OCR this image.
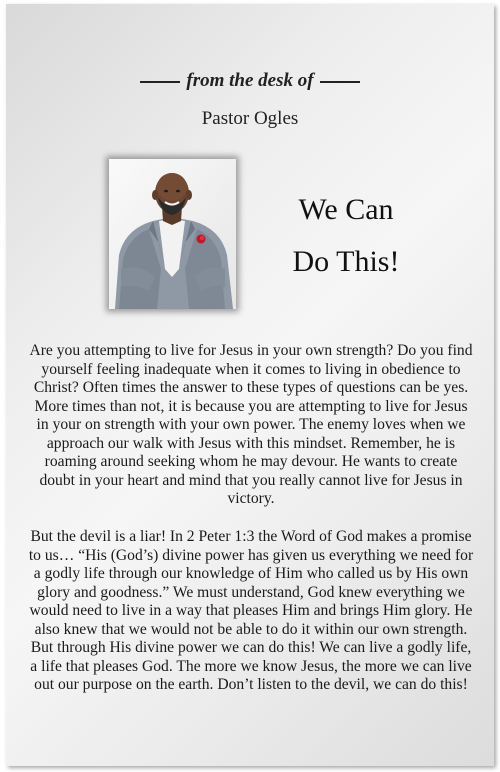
from the desk of
Pastor Ogles
We Can
Do This!
Are you attempting to live for Jesus in your own strength? Do you find yourself feeling inadequate when it comes to living in obedience to Christ? Often times the answer to these types of questions can be yes. More times than not, it is because you are attempting to live for Jesus in your on strength with your own power. The enemy loves when we approach our walk with Jesus with this mindset. Remember, he is roaming around seeking whom he may devour. He wants to create doubt in your heart and mind that you really cannot live for Jesus in victory.
But the devil is a liar! In 2 Peter 1:3 the Word of God makes a promise to us… “His (God’s) divine power has given us everything we need for a godly life through our knowledge of Him who called us by His own glory and goodness.” We must understand, God knew everything we would need to live in a way that pleases Him and brings Him glory. He also knew that we would not be able to do it within our own strength. But through His divine power we can do this! We can live a godly life, a life that pleases God. The more we know Jesus, the more we can live out our purpose on the earth. Don’t listen to the devil, we can do this!
